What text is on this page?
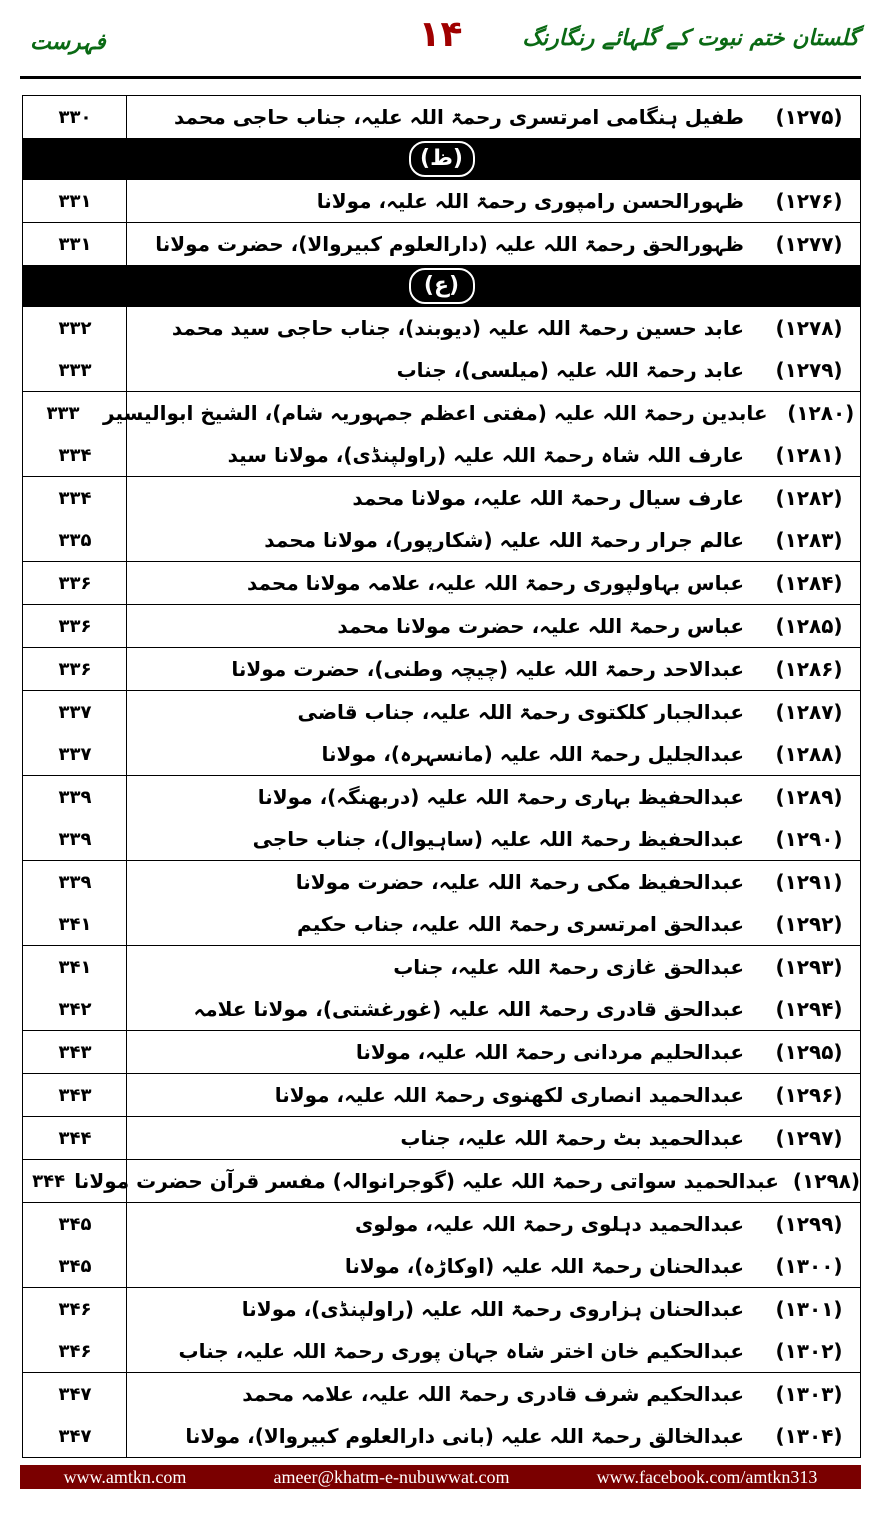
گلستان ختم نبوت کے گلہائے رنگارنگ
۱۴
فہرست
۳۳۰	طفیل ہنگامی امرتسری رحمۃ اللہ علیہ، جناب حاجی محمد	(۱۲۷۵)

(ظ)

۳۳۱	ظہورالحسن رامپوری رحمۃ اللہ علیہ، مولانا	(۱۲۷۶)

۳۳۱	ظہورالحق رحمۃ اللہ علیہ (دارالعلوم کبیروالا)، حضرت مولانا	(۱۲۷۷)

(ع)

۳۳۲	عابد حسین رحمۃ اللہ علیہ (دیوبند)، جناب حاجی سید محمد	(۱۲۷۸)
۳۳۳	عابد رحمۃ اللہ علیہ (میلسی)، جناب	(۱۲۷۹)

۳۳۳	عابدین رحمۃ اللہ علیہ (مفتی اعظم جمہوریہ شام)، الشیخ ابوالیسیر (۱۲۸۰)
۳۳۴	عارف اللہ شاہ رحمۃ اللہ علیہ (راولپنڈی)، مولانا سید	(۱۲۸۱)

۳۳۴	عارف سیال رحمۃ اللہ علیہ، مولانا محمد	(۱۲۸۲)
۳۳۵	عالم جرار رحمۃ اللہ علیہ (شکارپور)، مولانا محمد	(۱۲۸۳)

۳۳۶	عباس بہاولپوری رحمۃ اللہ علیہ، علامہ مولانا محمد	(۱۲۸۴)

۳۳۶	عباس رحمۃ اللہ علیہ، حضرت مولانا محمد	(۱۲۸۵)

۳۳۶	عبدالاحد رحمۃ اللہ علیہ (چیچہ وطنی)، حضرت مولانا	(۱۲۸۶)

۳۳۷	عبدالجبار کلکتوی رحمۃ اللہ علیہ، جناب قاضی	(۱۲۸۷)
۳۳۷	عبدالجلیل رحمۃ اللہ علیہ (مانسہرہ)، مولانا	(۱۲۸۸)

۳۳۹	عبدالحفیظ بہاری رحمۃ اللہ علیہ (دربھنگہ)، مولانا	(۱۲۸۹)
۳۳۹	عبدالحفیظ رحمۃ اللہ علیہ (ساہیوال)، جناب حاجی	(۱۲۹۰)

۳۳۹	عبدالحفیظ مکی رحمۃ اللہ علیہ، حضرت مولانا	(۱۲۹۱)
۳۴۱	عبدالحق امرتسری رحمۃ اللہ علیہ، جناب حکیم	(۱۲۹۲)

۳۴۱	عبدالحق غازی رحمۃ اللہ علیہ، جناب	(۱۲۹۳)
۳۴۲	عبدالحق قادری رحمۃ اللہ علیہ (غورغشتی)، مولانا علامہ	(۱۲۹۴)

۳۴۳	عبدالحلیم مردانی رحمۃ اللہ علیہ، مولانا	(۱۲۹۵)

۳۴۳	عبدالحمید انصاری لکھنوی رحمۃ اللہ علیہ، مولانا	(۱۲۹۶)

۳۴۴	عبدالحمید بٹ رحمۃ اللہ علیہ، جناب	(۱۲۹۷)

۳۴۴ عبدالحمید سواتی رحمۃ اللہ علیہ (گوجرانوالہ) مفسر قرآن حضرت مولانا (۱۲۹۸)

۳۴۵	عبدالحمید دہلوی رحمۃ اللہ علیہ، مولوی	(۱۲۹۹)
۳۴۵	عبدالحنان رحمۃ اللہ علیہ (اوکاڑہ)، مولانا	(۱۳۰۰)

۳۴۶	عبدالحنان ہزاروی رحمۃ اللہ علیہ (راولپنڈی)، مولانا	(۱۳۰۱)
۳۴۶	عبدالحکیم خان اختر شاہ جہان پوری رحمۃ اللہ علیہ، جناب	(۱۳۰۲)

۳۴۷	عبدالحکیم شرف قادری رحمۃ اللہ علیہ، علامہ محمد	(۱۳۰۳)
۳۴۷	عبدالخالق رحمۃ اللہ علیہ (بانی دارالعلوم کبیروالا)، مولانا	(۱۳۰۴)
www.amtkn.com	ameer@khatm-e-nubuwwat.com	www.facebook.com/amtkn313
